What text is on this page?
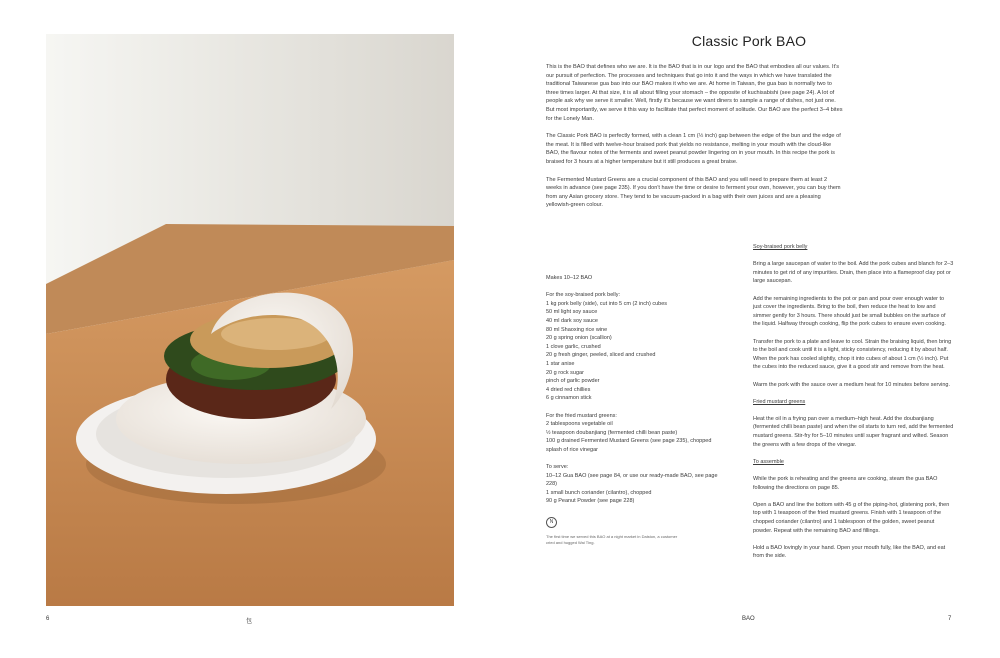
Classic Pork BAO

This is the BAO that defines who we are. It is the BAO that is in our logo and the BAO that embodies all our values. It's our pursuit of perfection. The processes and techniques that go into it and the ways in which we have translated the traditional Taiwanese gua bao into our BAO makes it who we are. At home in Taiwan, the gua bao is normally two to three times larger. At that size, it is all about filling your stomach – the opposite of kuchisabishi (see page 24). A lot of people ask why we serve it smaller. Well, firstly it's because we want diners to sample a range of dishes, not just one. But most importantly, we serve it this way to facilitate that perfect moment of solitude. Our BAO are the perfect 3–4 bites for the Lonely Man.

The Classic Pork BAO is perfectly formed, with a clean 1 cm (½ inch) gap between the edge of the bun and the edge of the meat. It is filled with twelve-hour braised pork that yields no resistance, melting in your mouth with the cloud-like BAO, the flavour notes of the ferments and sweet peanut powder lingering on in your mouth. In this recipe the pork is braised for 3 hours at a higher temperature but it still produces a great braise.

The Fermented Mustard Greens are a crucial component of this BAO and you will need to prepare them at least 2 weeks in advance (see page 235). If you don't have the time or desire to ferment your own, however, you can buy them from any Asian grocery store. They tend to be vacuum-packed in a bag with their own juices and are a pleasing yellowish-green colour.

Makes 10–12 BAO
For the soy-braised pork belly:
1 kg pork belly (side), cut into 5 cm (2 inch) cubes
50 ml light soy sauce
40 ml dark soy sauce
80 ml Shaoxing rice wine
20 g spring onion (scallion)
1 clove garlic, crushed
20 g fresh ginger, peeled, sliced and crushed
1 star anise
20 g rock sugar
pinch of garlic powder
4 dried red chillies
6 g cinnamon stick
For the fried mustard greens:
2 tablespoons vegetable oil
½ teaspoon doubanjiang (fermented chilli bean paste)
100 g drained Fermented Mustard Greens (see page 235), chopped
splash of rice vinegar
To serve:
10–12 Gua BAO (see page 84, or use our ready-made BAO, see page 228)
1 small bunch coriander (cilantro), chopped
90 g Peanut Powder (see page 228)
N
The first time we served this BAO at a night market in Dalston, a customer cried and hugged Wai Ting.
Soy-braised pork belly

Bring a large saucepan of water to the boil. Add the pork cubes and blanch for 2–3 minutes to get rid of any impurities. Drain, then place into a flameproof clay pot or large saucepan.

Add the remaining ingredients to the pot or pan and pour over enough water to just cover the ingredients. Bring to the boil, then reduce the heat to low and simmer gently for 3 hours. There should just be small bubbles on the surface of the liquid. Halfway through cooking, flip the pork cubes to ensure even cooking.

Transfer the pork to a plate and leave to cool. Strain the braising liquid, then bring to the boil and cook until it is a light, sticky consistency, reducing it by about half. When the pork has cooled slightly, chop it into cubes of about 1 cm (½ inch). Put the cubes into the reduced sauce, give it a good stir and remove from the heat.

Warm the pork with the sauce over a medium heat for 10 minutes before serving.

Fried mustard greens

Heat the oil in a frying pan over a medium–high heat. Add the doubanjiang (fermented chilli bean paste) and when the oil starts to turn red, add the fermented mustard greens. Stir-fry for 5–10 minutes until super fragrant and wilted. Season the greens with a few drops of the vinegar.

To assemble

While the pork is reheating and the greens are cooking, steam the gua BAO following the directions on page 85.

Open a BAO and line the bottom with 45 g of the piping-hot, glistening pork, then top with 1 teaspoon of the fried mustard greens. Finish with 1 teaspoon of the chopped coriander (cilantro) and 1 tablespoon of the golden, sweet peanut powder. Repeat with the remaining BAO and fillings.

Hold a BAO lovingly in your hand. Open your mouth fully, like the BAO, and eat from the side.

6	包	BAO	7
